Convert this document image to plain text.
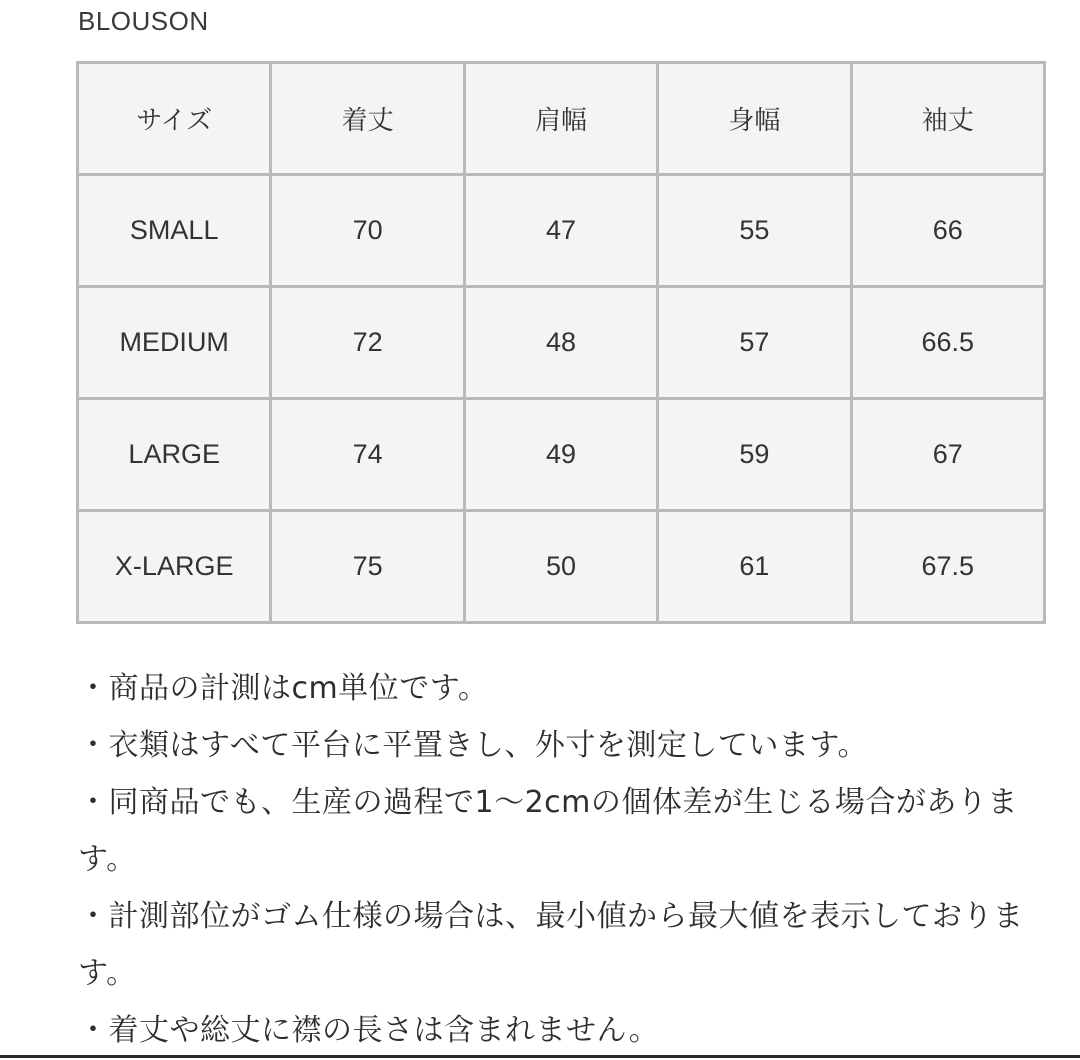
BLOUSON
サイズ	着丈	肩幅	身幅	袖丈
SMALL	70	47	55	66
MEDIUM	72	48	57	66.5
LARGE	74	49	59	67
X-LARGE	75	50	61	67.5
・商品の計測はcm単位です。
・衣類はすべて平台に平置きし、外寸を測定しています。
・同商品でも、生産の過程で1〜2cmの個体差が生じる場合があります。
・計測部位がゴム仕様の場合は、最小値から最大値を表示しております。
・着丈や総丈に襟の長さは含まれません。
